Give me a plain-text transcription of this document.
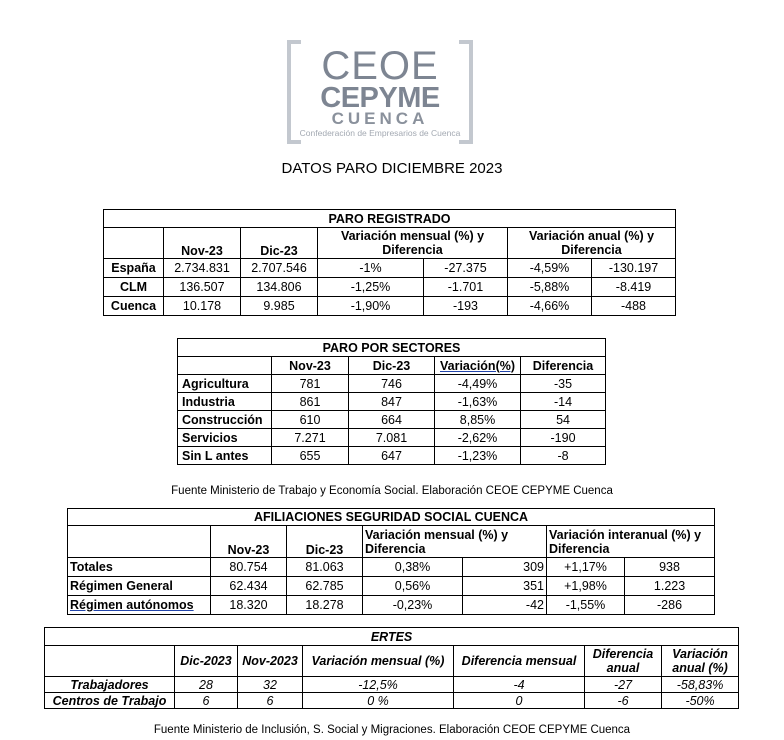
CEOE
CEPYME
CUENCA
Confederación de Empresarios de Cuenca
DATOS PARO DICIEMBRE 2023
PARO REGISTRADO						
	Nov-23	Dic-23	Variación mensual (%) y Diferencia		Variación anual (%) y Diferencia	
España	2.734.831	2.707.546	-1%	-27.375	-4,59%	-130.197
CLM	136.507	134.806	-1,25%	-1.701	-5,88%	-8.419
Cuenca	10.178	9.985	-1,90%	-193	-4,66%	-488
PARO POR SECTORES				
	Nov-23	Dic-23	Variación(%)	Diferencia
Agricultura	781	746	-4,49%	-35
Industria	861	847	-1,63%	-14
Construcción	610	664	8,85%	54
Servicios	7.271	7.081	-2,62%	-190
Sin L antes	655	647	-1,23%	-8
Fuente Ministerio de Trabajo y Economía Social. Elaboración CEOE CEPYME Cuenca
AFILIACIONES SEGURIDAD SOCIAL CUENCA						
	Nov-23	Dic-23	Variación mensual (%) y Diferencia		Variación interanual (%) y Diferencia	
Totales	80.754	81.063	0,38%	309	+1,17%	938
Régimen General	62.434	62.785	0,56%	351	+1,98%	1.223
Régimen autónomos	18.320	18.278	-0,23%	-42	-1,55%	-286
ERTES						
	Dic-2023	Nov-2023	Variación mensual (%)	Diferencia mensual	Diferencia anual	Variación anual (%)
Trabajadores	28	32	-12,5%	-4	-27	-58,83%
Centros de Trabajo	6	6	0 %	0	-6	-50%
Fuente Ministerio de Inclusión, S. Social y Migraciones. Elaboración CEOE CEPYME Cuenca
